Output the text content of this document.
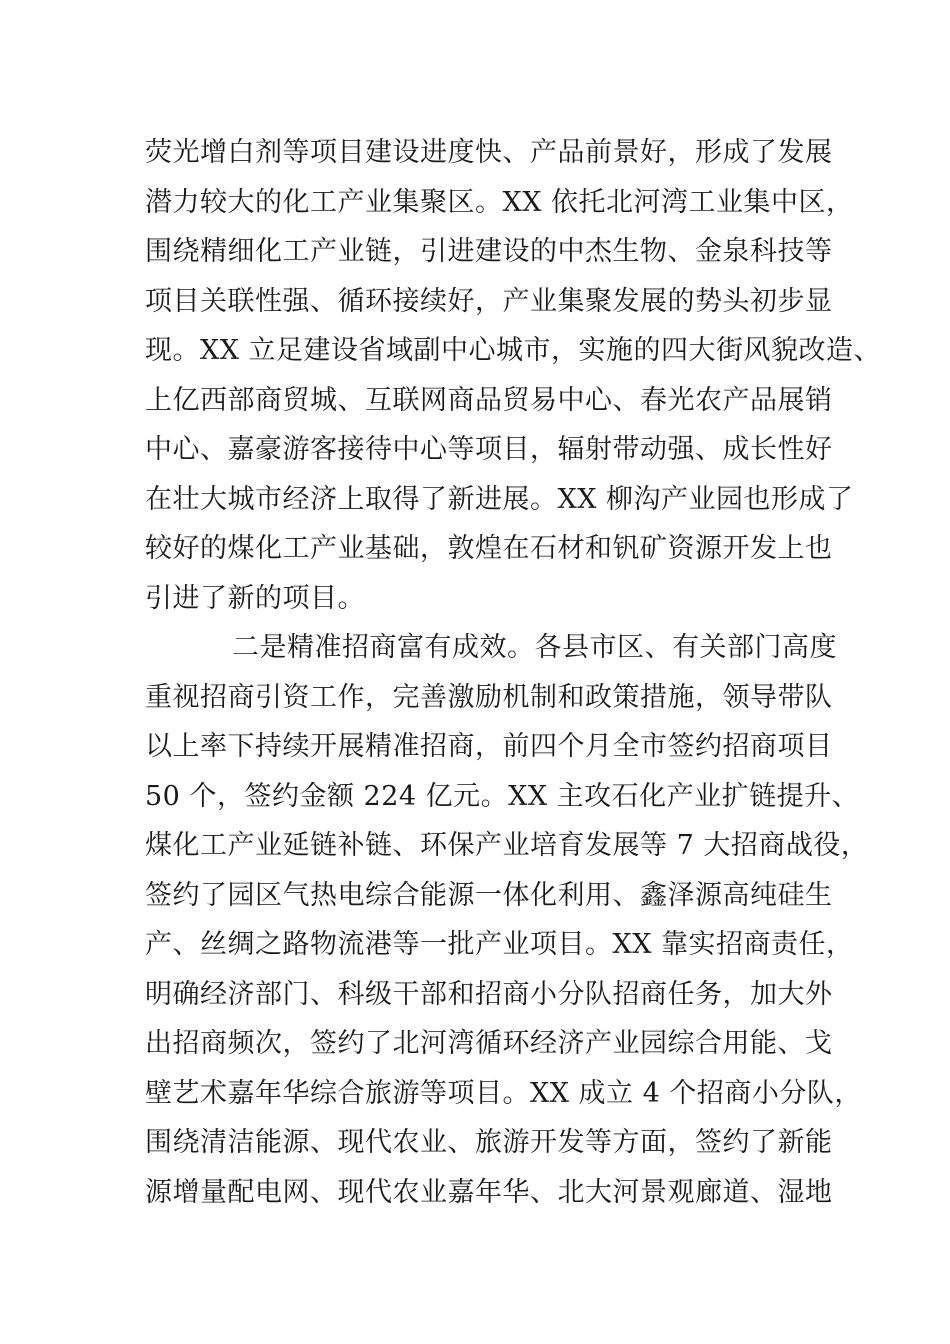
荧光增白剂等项目建设进度快、产品前景好，形成了发展
潜力较大的化工产业集聚区。XX 依托北河湾工业集中区，
围绕精细化工产业链，引进建设的中杰生物、金泉科技等
项目关联性强、循环接续好，产业集聚发展的势头初步显
现。XX 立足建设省域副中心城市，实施的四大街风貌改造、
上亿西部商贸城、互联网商品贸易中心、春光农产品展销
中心、嘉豪游客接待中心等项目，辐射带动强、成长性好
在壮大城市经济上取得了新进展。XX 柳沟产业园也形成了
较好的煤化工产业基础，敦煌在石材和钒矿资源开发上也
引进了新的项目。
二是精准招商富有成效。各县市区、有关部门高度
重视招商引资工作，完善激励机制和政策措施，领导带队
以上率下持续开展精准招商，前四个月全市签约招商项目
50 个，签约金额 224 亿元。XX 主攻石化产业扩链提升、
煤化工产业延链补链、环保产业培育发展等 7 大招商战役，
签约了园区气热电综合能源一体化利用、鑫泽源高纯硅生
产、丝绸之路物流港等一批产业项目。XX 靠实招商责任，
明确经济部门、科级干部和招商小分队招商任务，加大外
出招商频次，签约了北河湾循环经济产业园综合用能、戈
壁艺术嘉年华综合旅游等项目。XX 成立 4 个招商小分队，
围绕清洁能源、现代农业、旅游开发等方面，签约了新能
源增量配电网、现代农业嘉年华、北大河景观廊道、湿地
